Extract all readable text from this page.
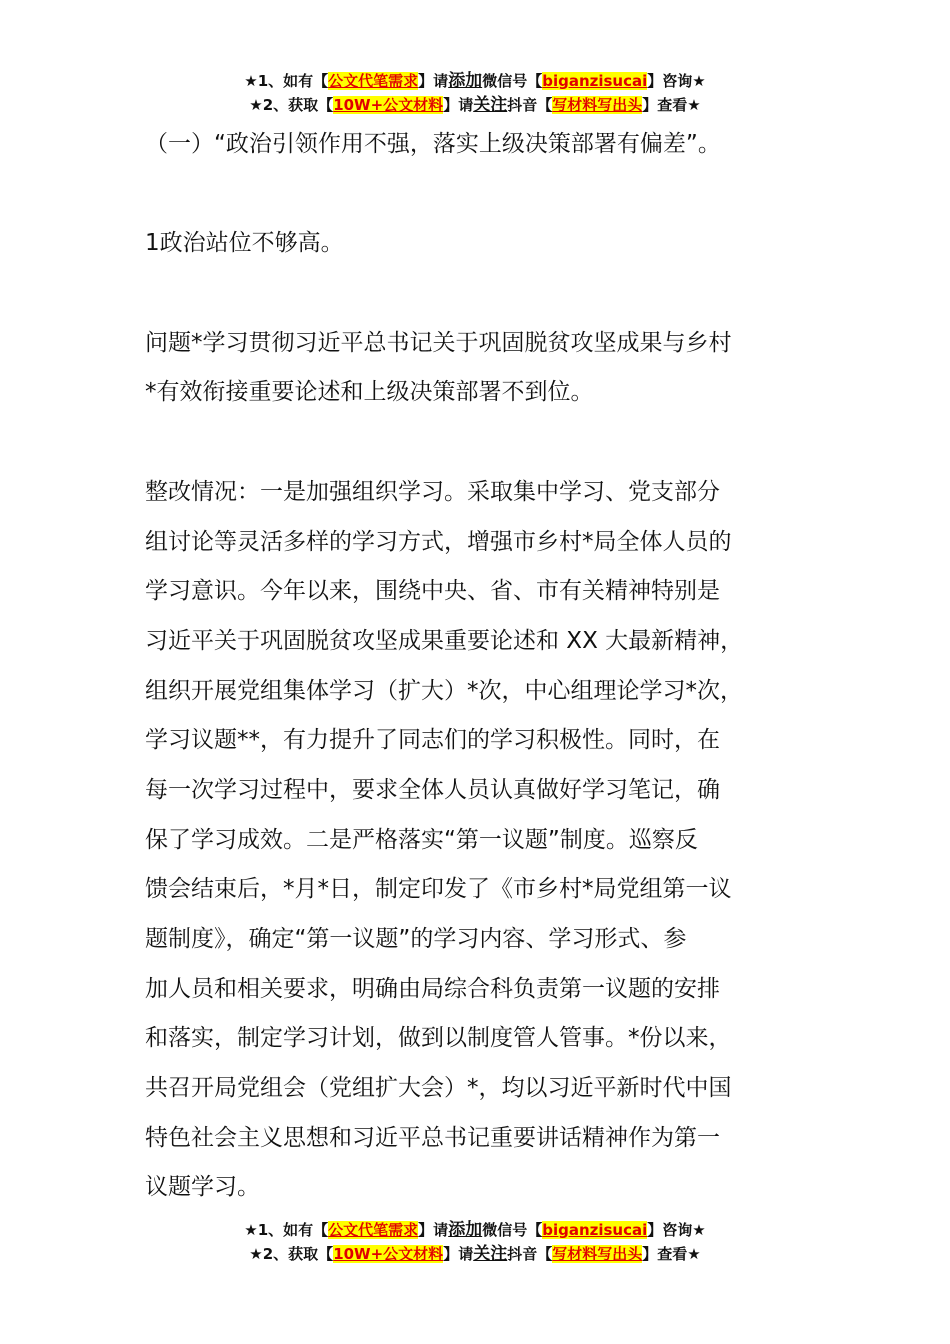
★1、如有【公文代笔需求】请添加微信号【biganzisucai】咨询★
★2、获取【10W+公文材料】请关注抖音【写材料写出头】查看★
（一）“政治引领作用不强，落实上级决策部署有偏差”。
1政治站位不够高。
问题*学习贯彻习近平总书记关于巩固脱贫攻坚成果与乡村
*有效衔接重要论述和上级决策部署不到位。
整改情况：一是加强组织学习。采取集中学习、党支部分
组讨论等灵活多样的学习方式，增强市乡村*局全体人员的
学习意识。今年以来，围绕中央、省、市有关精神特别是
习近平关于巩固脱贫攻坚成果重要论述和 XX 大最新精神，
组织开展党组集体学习（扩大）*次，中心组理论学习*次，
学习议题**，有力提升了同志们的学习积极性。同时，在
每一次学习过程中，要求全体人员认真做好学习笔记，确
保了学习成效。二是严格落实“第一议题”制度。巡察反
馈会结束后，*月*日，制定印发了《市乡村*局党组第一议
题制度》，确定“第一议题”的学习内容、学习形式、参
加人员和相关要求，明确由局综合科负责第一议题的安排
和落实，制定学习计划，做到以制度管人管事。*份以来，
共召开局党组会（党组扩大会）*，均以习近平新时代中国
特色社会主义思想和习近平总书记重要讲话精神作为第一
议题学习。
★1、如有【公文代笔需求】请添加微信号【biganzisucai】咨询★
★2、获取【10W+公文材料】请关注抖音【写材料写出头】查看★
